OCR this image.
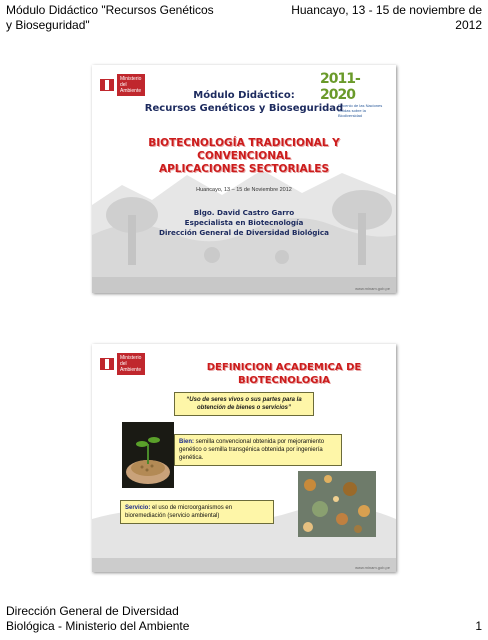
Módulo Didáctico "Recursos Genéticos
y Bioseguridad"
Huancayo, 13 - 15 de noviembre de
2012
Ministerio
del Ambiente
2011-2020
Decenio de las Naciones Unidas sobre la Biodiversidad
Módulo Didáctico:
Recursos Genéticos y Bioseguridad
BIOTECNOLOGÍA TRADICIONAL Y
CONVENCIONAL
APLICACIONES SECTORIALES
Huancayo, 13 – 15 de Noviembre 2012
Blgo. David Castro Garro
Especialista en Biotecnología
Dirección General de Diversidad Biológica
www.minam.gob.pe
Ministerio
del Ambiente	DEFINICION ACADEMICA DE
BIOTECNOLOGIA
“Uso de seres vivos o sus partes para la obtención de bienes o servicios”
Bien: semilla convencional obtenida por mejoramiento genético o semilla transgénica obtenida por ingeniería genética.
Servicio: el uso de microorganismos en bioremediación (servicio ambiental)
www.minam.gob.pe
Dirección General de Diversidad
Biológica - Ministerio del Ambiente	1
